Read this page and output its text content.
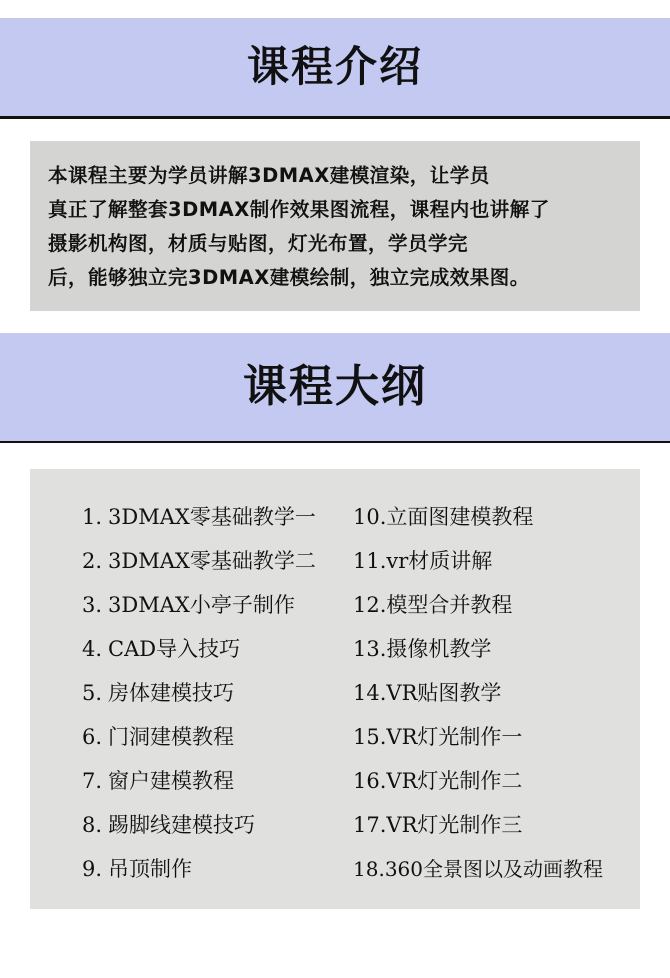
课程介绍
本课程主要为学员讲解3DMAX建模渲染，让学员
真正了解整套3DMAX制作效果图流程，课程内也讲解了
摄影机构图，材质与贴图，灯光布置，学员学完
后，能够独立完3DMAX建模绘制，独立完成效果图。
课程大纲
1. 3DMAX零基础教学一
2. 3DMAX零基础教学二
3. 3DMAX小亭子制作
4. CAD导入技巧
5. 房体建模技巧
6. 门洞建模教程
7. 窗户建模教程
8. 踢脚线建模技巧
9. 吊顶制作
10.立面图建模教程
11.vr材质讲解
12.模型合并教程
13.摄像机教学
14.VR贴图教学
15.VR灯光制作一
16.VR灯光制作二
17.VR灯光制作三
18.360全景图以及动画教程
